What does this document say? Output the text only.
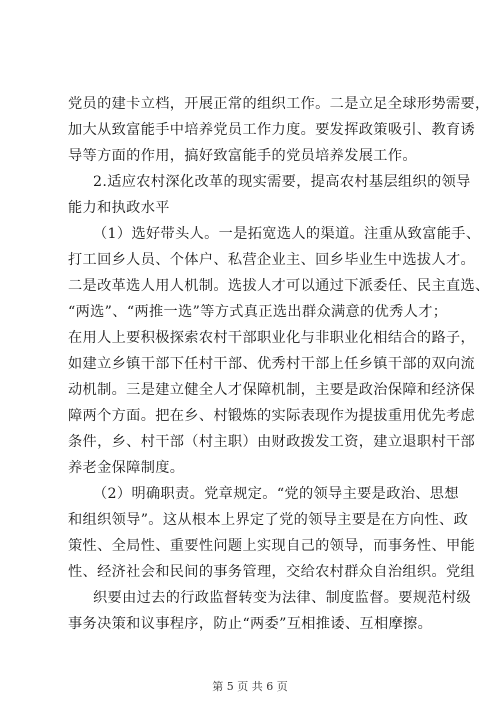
党员的建卡立档，开展正常的组织工作。二是立足全球形势需要，
加大从致富能手中培养党员工作力度。要发挥政策吸引、教育诱
导等方面的作用，搞好致富能手的党员培养发展工作。
2.适应农村深化改革的现实需要，提高农村基层组织的领导
能力和执政水平
（1）选好带头人。一是拓宽选人的渠道。注重从致富能手、
打工回乡人员、个体户、私营企业主、回乡毕业生中选拔人才。
二是改革选人用人机制。选拔人才可以通过下派委任、民主直选、
“两选”、“两推一选”等方式真正选出群众满意的优秀人才；
在用人上要积极探索农村干部职业化与非职业化相结合的路子，
如建立乡镇干部下任村干部、优秀村干部上任乡镇干部的双向流
动机制。三是建立健全人才保障机制，主要是政治保障和经济保
障两个方面。把在乡、村锻炼的实际表现作为提拔重用优先考虑
条件，乡、村干部（村主职）由财政拨发工资，建立退职村干部
养老金保障制度。
（2）明确职责。党章规定。“党的领导主要是政治、思想
和组织领导”。这从根本上界定了党的领导主要是在方向性、政
策性、全局性、重要性问题上实现自己的领导，而事务性、甲能
性、经济社会和民间的事务管理，交给农村群众自治组织。党组
织要由过去的行政监督转变为法律、制度监督。要规范村级
事务决策和议事程序，防止“两委”互相推诿、互相摩擦。
第 5 页 共 6 页
